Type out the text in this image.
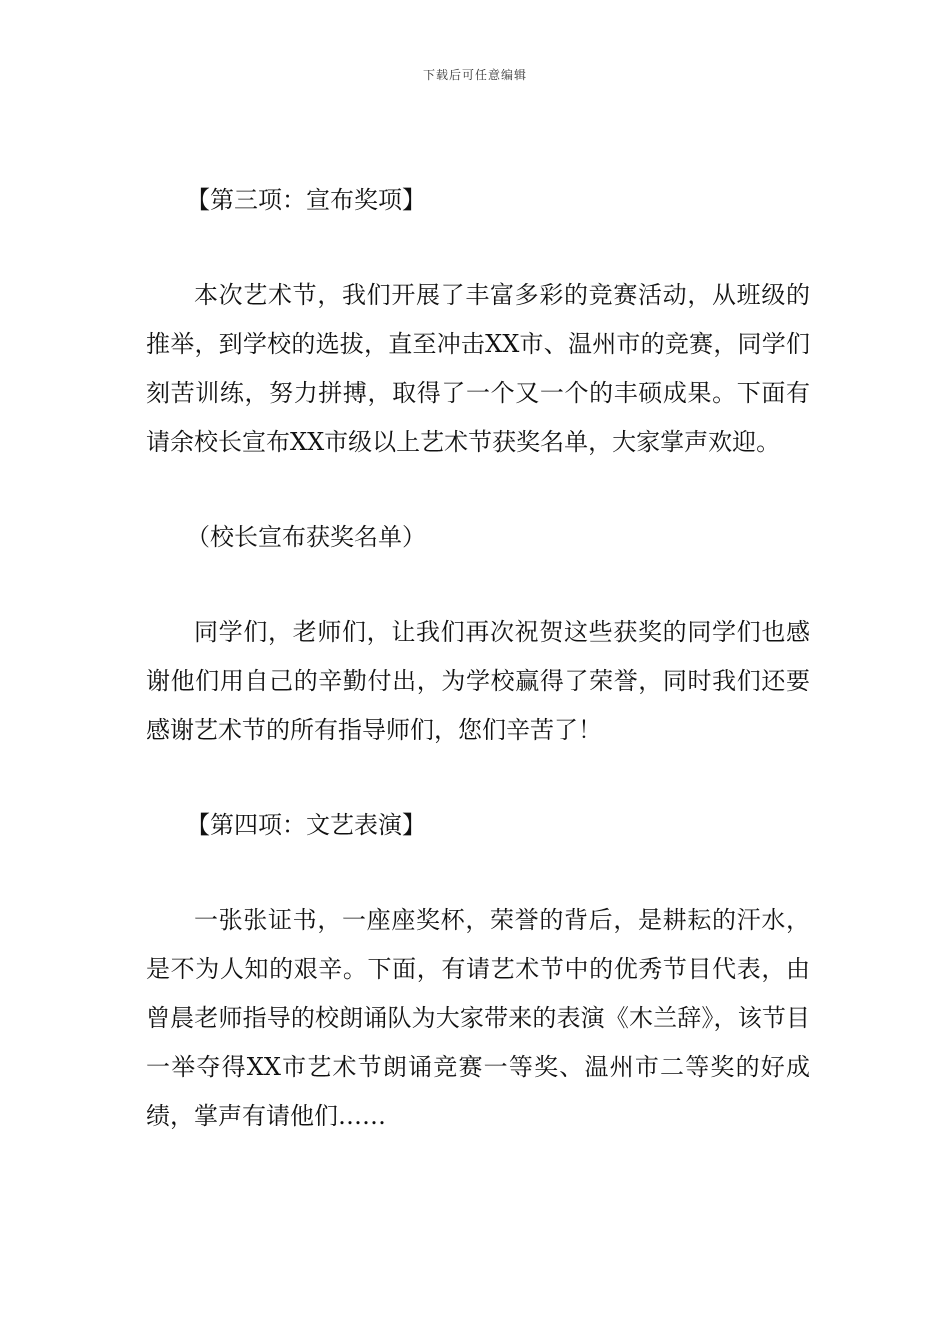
下载后可任意编辑
【第三项：宣布奖项】

本次艺术节，我们开展了丰富多彩的竞赛活动，从班级的推举，到学校的选拔，直至冲击XX市、温州市的竞赛，同学们刻苦训练，努力拼搏，取得了一个又一个的丰硕成果。下面有请余校长宣布XX市级以上艺术节获奖名单，大家掌声欢迎。

（校长宣布获奖名单）

同学们，老师们，让我们再次祝贺这些获奖的同学们也感谢他们用自己的辛勤付出，为学校赢得了荣誉，同时我们还要感谢艺术节的所有指导师们，您们辛苦了！

【第四项：文艺表演】

一张张证书，一座座奖杯，荣誉的背后，是耕耘的汗水，是不为人知的艰辛。下面，有请艺术节中的优秀节目代表，由曾晨老师指导的校朗诵队为大家带来的表演《木兰辞》，该节目一举夺得XX市艺术节朗诵竞赛一等奖、温州市二等奖的好成绩，掌声有请他们……
